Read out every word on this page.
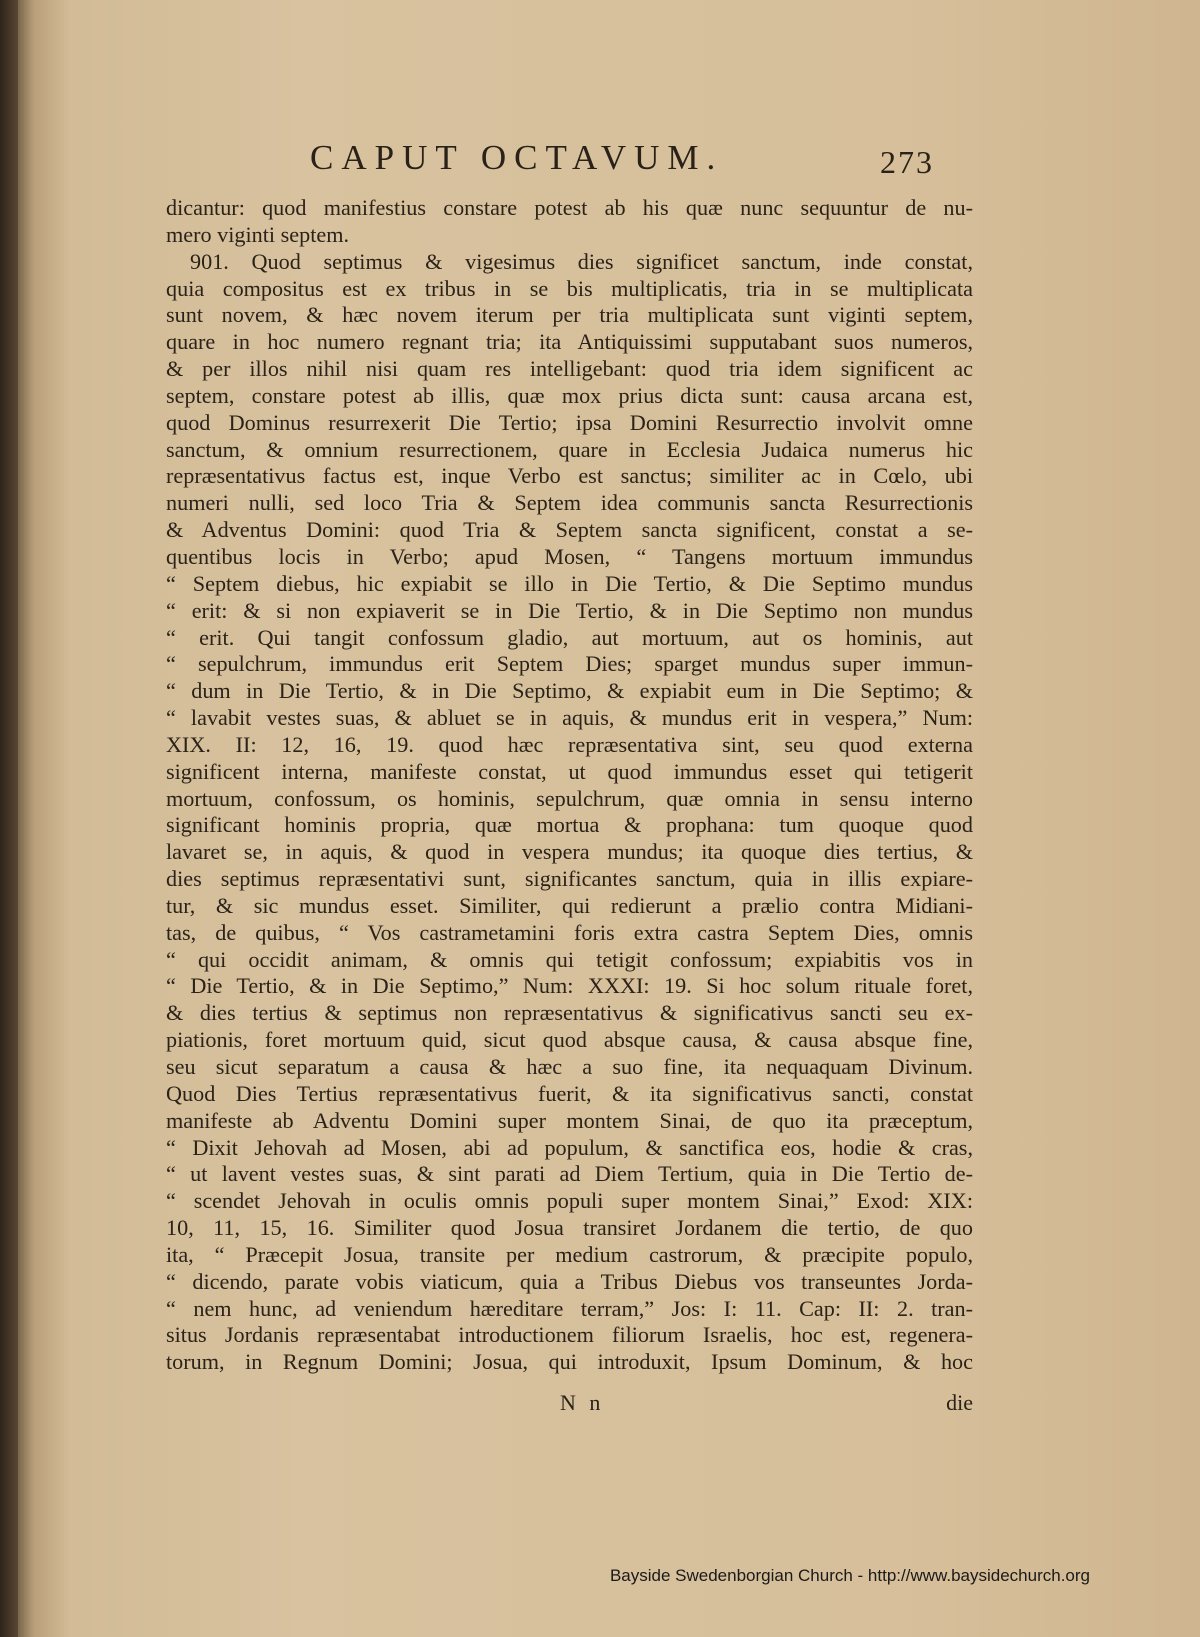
CAPUT OCTAVUM.	273
dicantur: quod manifestius constare potest ab his quæ nunc sequuntur de nu-
mero viginti septem.
901. Quod septimus & vigesimus dies significet sanctum, inde constat,
quia compositus est ex tribus in se bis multiplicatis, tria in se multiplicata
sunt novem, & hæc novem iterum per tria multiplicata sunt viginti septem,
quare in hoc numero regnant tria; ita Antiquissimi supputabant suos numeros,
& per illos nihil nisi quam res intelligebant: quod tria idem significent ac
septem, constare potest ab illis, quæ mox prius dicta sunt: causa arcana est,
quod Dominus resurrexerit Die Tertio; ipsa Domini Resurrectio involvit omne
sanctum, & omnium resurrectionem, quare in Ecclesia Judaica numerus hic
repræsentativus factus est, inque Verbo est sanctus; similiter ac in Cœlo, ubi
numeri nulli, sed loco Tria & Septem idea communis sancta Resurrectionis
& Adventus Domini: quod Tria & Septem sancta significent, constat a se-
quentibus locis in Verbo; apud Mosen, “ Tangens mortuum immundus
“ Septem diebus, hic expiabit se illo in Die Tertio, & Die Septimo mundus
“ erit: & si non expiaverit se in Die Tertio, & in Die Septimo non mundus
“ erit. Qui tangit confossum gladio, aut mortuum, aut os hominis, aut
“ sepulchrum, immundus erit Septem Dies; sparget mundus super immun-
“ dum in Die Tertio, & in Die Septimo, & expiabit eum in Die Septimo; &
“ lavabit vestes suas, & abluet se in aquis, & mundus erit in vespera,” Num:
XIX. II: 12, 16, 19. quod hæc repræsentativa sint, seu quod externa
significent interna, manifeste constat, ut quod immundus esset qui tetigerit
mortuum, confossum, os hominis, sepulchrum, quæ omnia in sensu interno
significant hominis propria, quæ mortua & prophana: tum quoque quod
lavaret se, in aquis, & quod in vespera mundus; ita quoque dies tertius, &
dies septimus repræsentativi sunt, significantes sanctum, quia in illis expiare-
tur, & sic mundus esset. Similiter, qui redierunt a prælio contra Midiani-
tas, de quibus, “ Vos castrametamini foris extra castra Septem Dies, omnis
“ qui occidit animam, & omnis qui tetigit confossum; expiabitis vos in
“ Die Tertio, & in Die Septimo,” Num: XXXI: 19. Si hoc solum rituale foret,
& dies tertius & septimus non repræsentativus & significativus sancti seu ex-
piationis, foret mortuum quid, sicut quod absque causa, & causa absque fine,
seu sicut separatum a causa & hæc a suo fine, ita nequaquam Divinum.
Quod Dies Tertius repræsentativus fuerit, & ita significativus sancti, constat
manifeste ab Adventu Domini super montem Sinai, de quo ita præceptum,
“ Dixit Jehovah ad Mosen, abi ad populum, & sanctifica eos, hodie & cras,
“ ut lavent vestes suas, & sint parati ad Diem Tertium, quia in Die Tertio de-
“ scendet Jehovah in oculis omnis populi super montem Sinai,” Exod: XIX:
10, 11, 15, 16. Similiter quod Josua transiret Jordanem die tertio, de quo
ita, “ Præcepit Josua, transite per medium castrorum, & præcipite populo,
“ dicendo, parate vobis viaticum, quia a Tribus Diebus vos transeuntes Jorda-
“ nem hunc, ad veniendum hæreditare terram,” Jos: I: 11. Cap: II: 2. tran-
situs Jordanis repræsentabat introductionem filiorum Israelis, hoc est, regenera-
torum, in Regnum Domini; Josua, qui introduxit, Ipsum Dominum, & hoc
N n	die
Bayside Swedenborgian Church - http://www.baysidechurch.org
